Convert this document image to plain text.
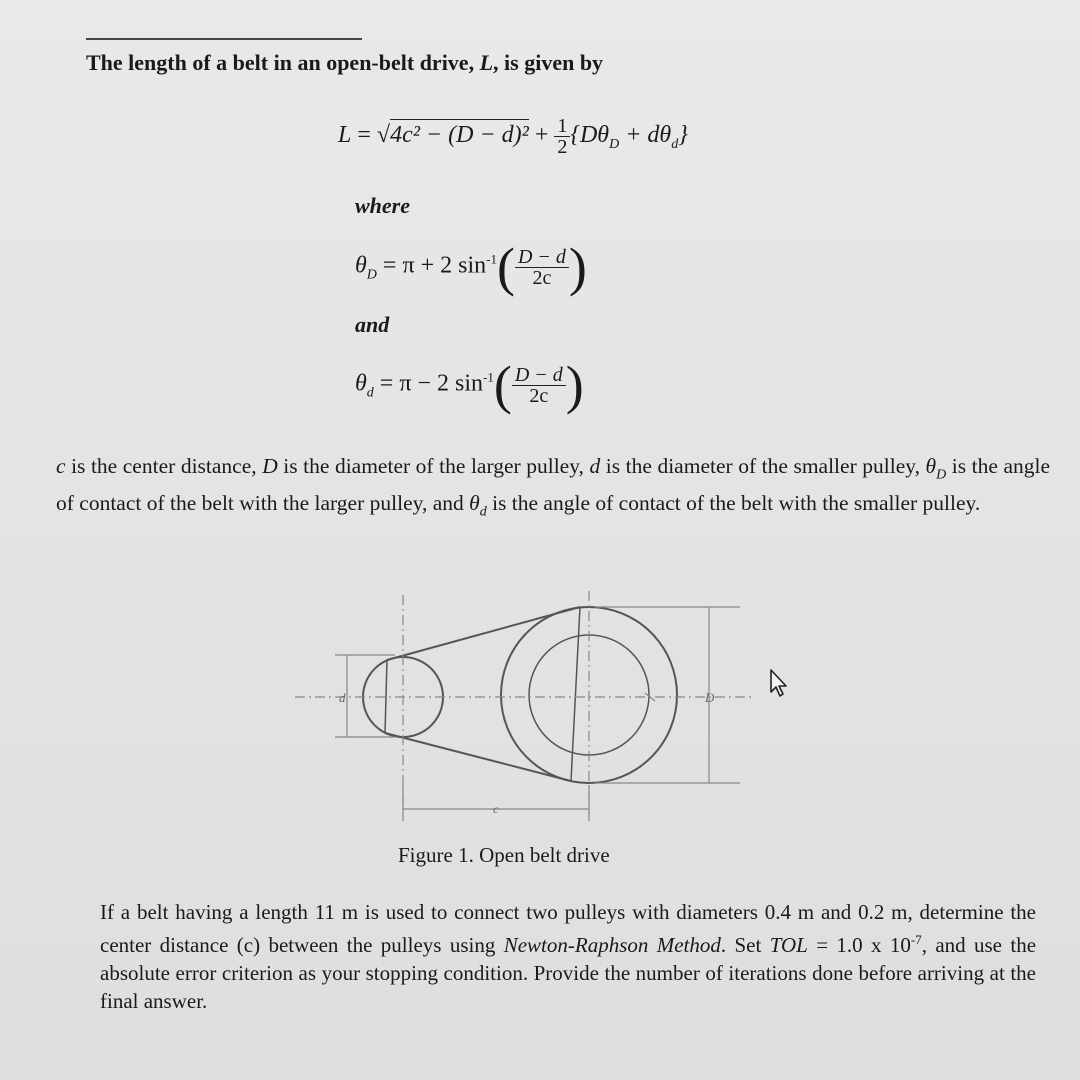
The length of a belt in an open-belt drive, L, is given by
$L = √4c^2 - (D - d)^2 + \frac{1}{2} \{D\theta_D + d\theta_d\}$
where
$\theta_D = \pi + 2$ $\sin^{-1}( \frac{D - d}{2c}$ )
and
$\theta_d = \pi - 2$ $\sin^{-1}( \frac{D - d}{2c}$ )
c is the center distance, D is the diameter of the larger pulley, d is the diameter of the smaller pulley, $\theta_D$ is the angle of contact of the belt with the larger pulley, and $\theta_d$ is the angle of contact of the belt with the smaller pulley.
d	D
c
Figure 1. Open belt drive
If a belt having a length 11 m is used to connect two pulleys with diameters 0.4 m and 0.2 m, determine the center distance (c) between the pulleys using Newton-Raphson Method. Set TOL = 1.0 x $10^{-7}$, and use the absolute error criterion as your stopping condition. Provide the number of iterations done before arriving at the final answer.
